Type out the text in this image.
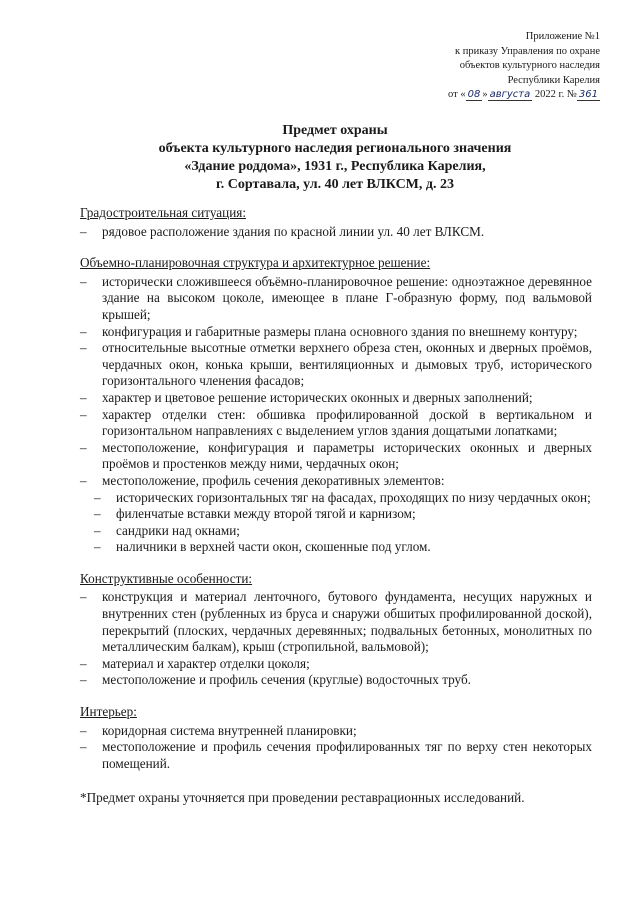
Приложение №1
к приказу Управления по охране
объектов культурного наследия
Республики Карелия
от « 08 » августа 2022 г. № 361
Предмет охраны
объекта культурного наследия регионального значения
«Здание роддома», 1931 г., Республика Карелия,
г. Сортавала, ул. 40 лет ВЛКСМ, д. 23
Градостроительная ситуация:
– рядовое расположение здания по красной линии ул. 40 лет ВЛКСМ.
Объемно-планировочная структура и архитектурное решение:
– исторически сложившееся объёмно-планировочное решение: одноэтажное деревянное здание на высоком цоколе, имеющее в плане Г-образную форму, под вальмовой крышей;
– конфигурация и габаритные размеры плана основного здания по внешнему контуру;
– относительные высотные отметки верхнего обреза стен, оконных и дверных проёмов, чердачных окон, конька крыши, вентиляционных и дымовых труб, исторического горизонтального членения фасадов;
– характер и цветовое решение исторических оконных и дверных заполнений;
– характер отделки стен: обшивка профилированной доской в вертикальном и горизонтальном направлениях с выделением углов здания дощатыми лопатками;
– местоположение, конфигурация и параметры исторических оконных и дверных проёмов и простенков между ними, чердачных окон;
– местоположение, профиль сечения декоративных элементов:
– исторических горизонтальных тяг на фасадах, проходящих по низу чердачных окон;
– филенчатые вставки между второй тягой и карнизом;
– сандрики над окнами;
– наличники в верхней части окон, скошенные под углом.
Конструктивные особенности:
– конструкция и материал ленточного, бутового фундамента, несущих наружных и внутренних стен (рубленных из бруса и снаружи обшитых профилированной доской), перекрытий (плоских, чердачных деревянных; подвальных бетонных, монолитных по металлическим балкам), крыш (стропильной, вальмовой);
– материал и характер отделки цоколя;
– местоположение и профиль сечения (круглые) водосточных труб.
Интерьер:
– коридорная система внутренней планировки;
– местоположение и профиль сечения профилированных тяг по верху стен некоторых помещений.
*Предмет охраны уточняется при проведении реставрационных исследований.
